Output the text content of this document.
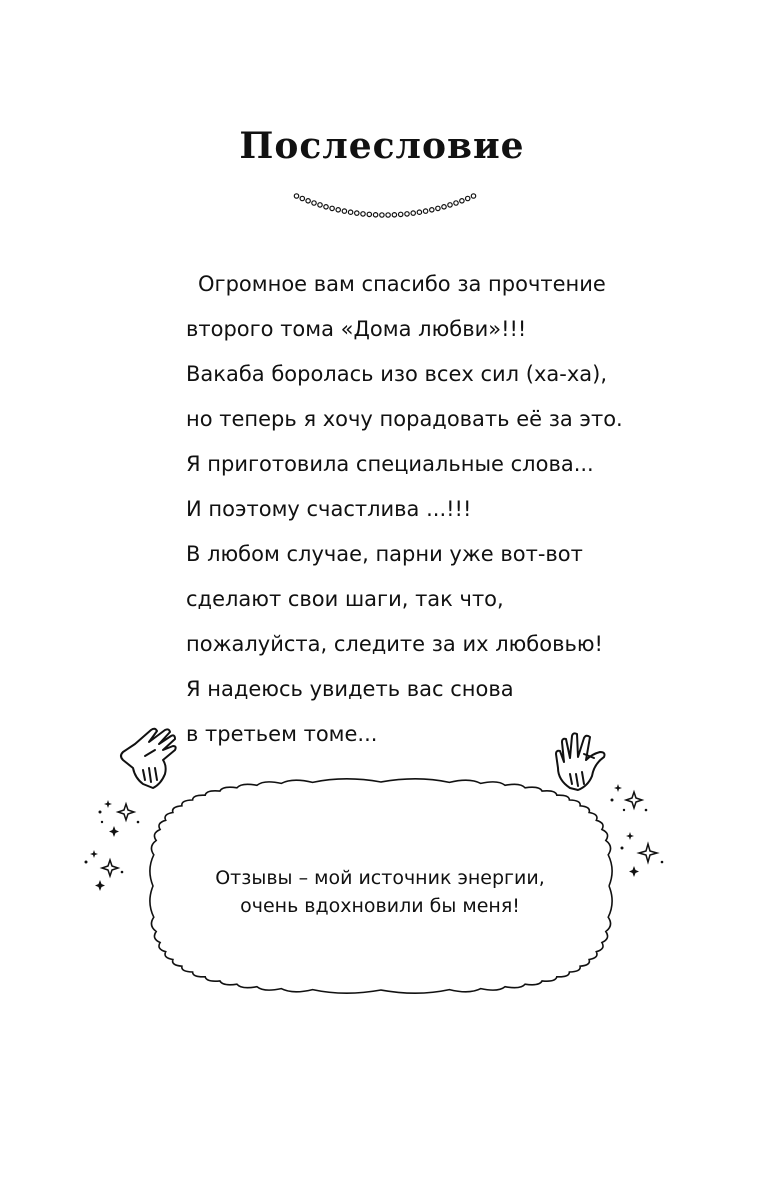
Послесловие
Огромное вам спасибо за прочтение
второго тома «Дома любви»!!!
Вакаба боролась изо всех сил (ха-ха),
но теперь я хочу порадовать её за это.
Я приготовила специальные слова...
И поэтому счастлива ...!!!
В любом случае, парни уже вот-вот
сделают свои шаги, так что,
пожалуйста, следите за их любовью!
Я надеюсь увидеть вас снова
в третьем томе...
Отзывы – мой источник энергии,
очень вдохновили бы меня!
